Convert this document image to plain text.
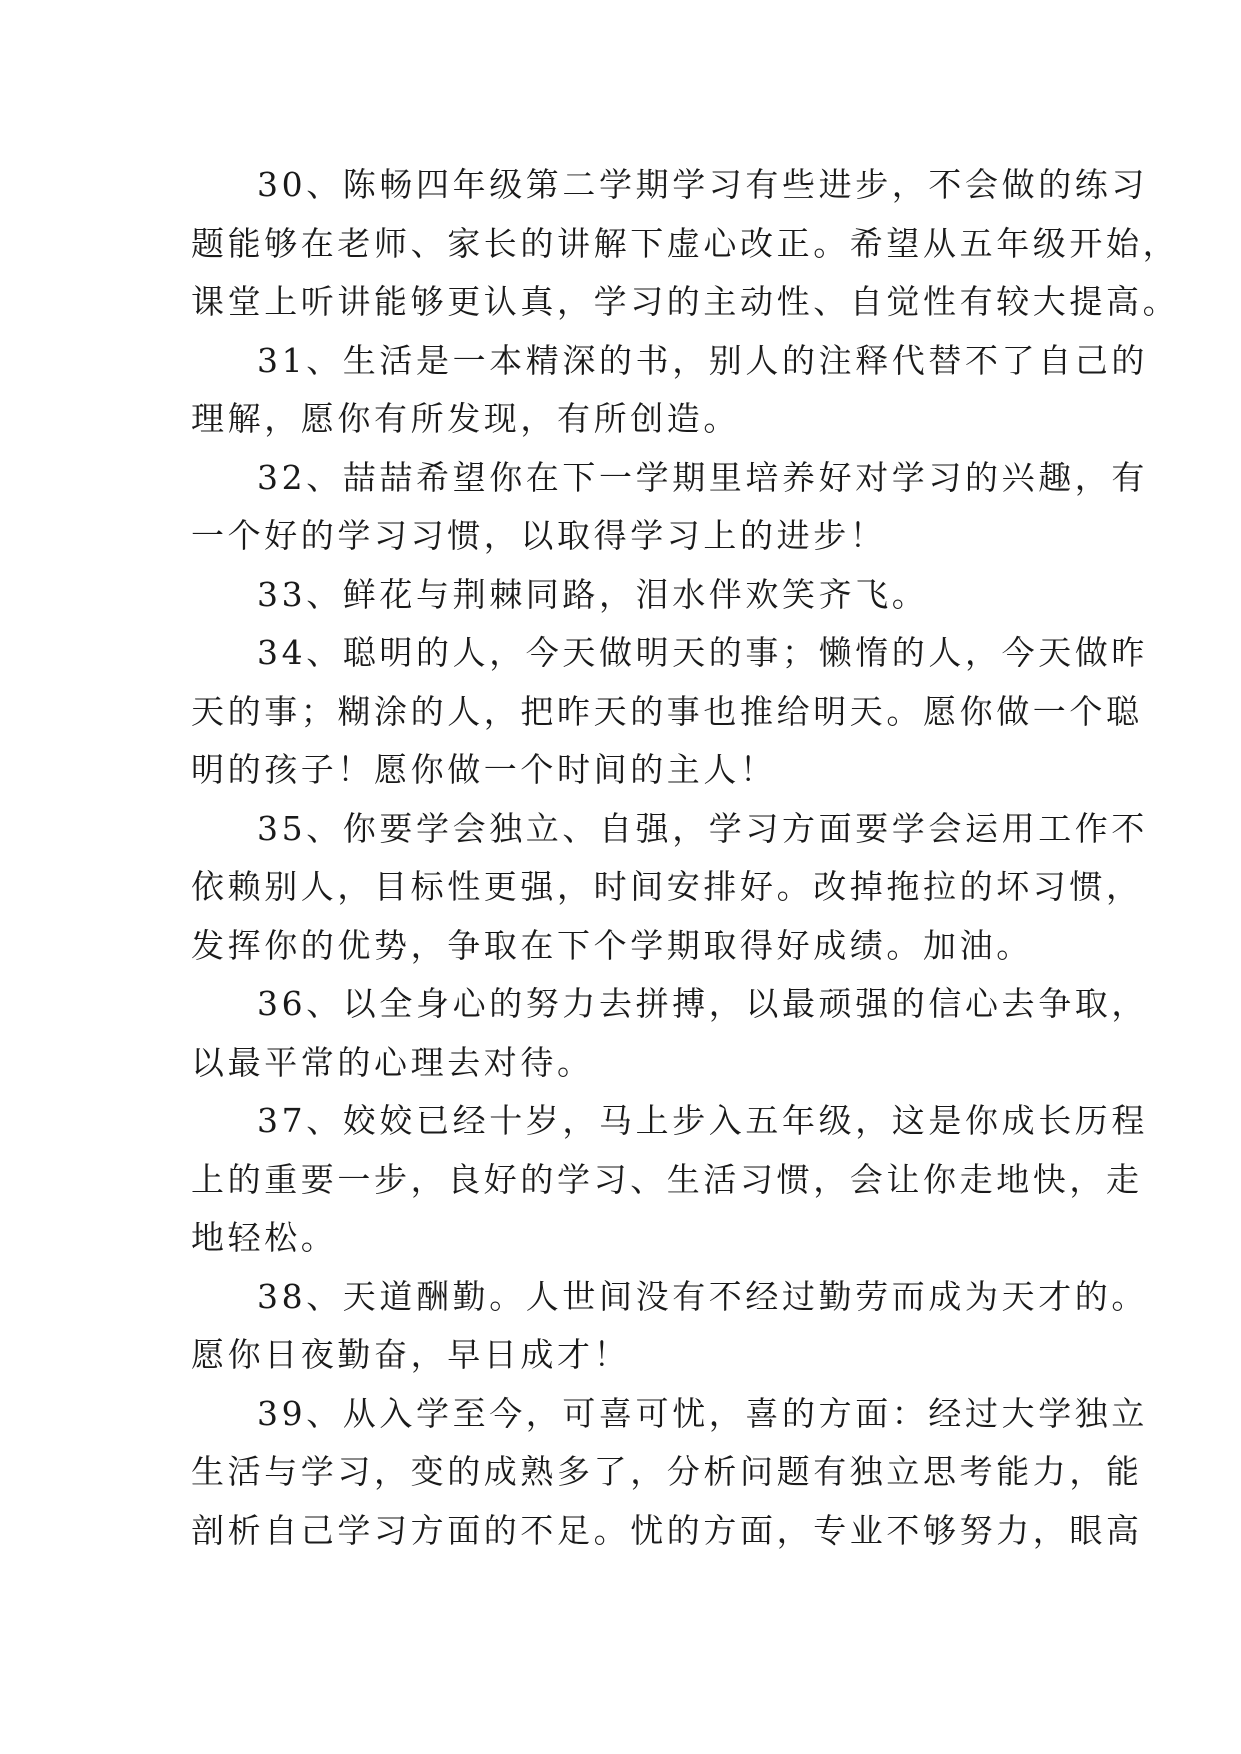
30、陈畅四年级第二学期学习有些进步，不会做的练习
题能够在老师、家长的讲解下虚心改正。希望从五年级开始，
课堂上听讲能够更认真，学习的主动性、自觉性有较大提高。

31、生活是一本精深的书，别人的注释代替不了自己的
理解，愿你有所发现，有所创造。

32、喆喆希望你在下一学期里培养好对学习的兴趣，有
一个好的学习习惯，以取得学习上的进步！

33、鲜花与荆棘同路，泪水伴欢笑齐飞。

34、聪明的人，今天做明天的事；懒惰的人，今天做昨
天的事；糊涂的人，把昨天的事也推给明天。愿你做一个聪
明的孩子！愿你做一个时间的主人！

35、你要学会独立、自强，学习方面要学会运用工作不
依赖别人，目标性更强，时间安排好。改掉拖拉的坏习惯，
发挥你的优势，争取在下个学期取得好成绩。加油。

36、以全身心的努力去拼搏，以最顽强的信心去争取，
以最平常的心理去对待。

37、姣姣已经十岁，马上步入五年级，这是你成长历程
上的重要一步，良好的学习、生活习惯，会让你走地快，走
地轻松。

38、天道酬勤。人世间没有不经过勤劳而成为天才的。
愿你日夜勤奋，早日成才！

39、从入学至今，可喜可忧，喜的方面：经过大学独立
生活与学习，变的成熟多了，分析问题有独立思考能力，能
剖析自己学习方面的不足。忧的方面，专业不够努力，眼高
